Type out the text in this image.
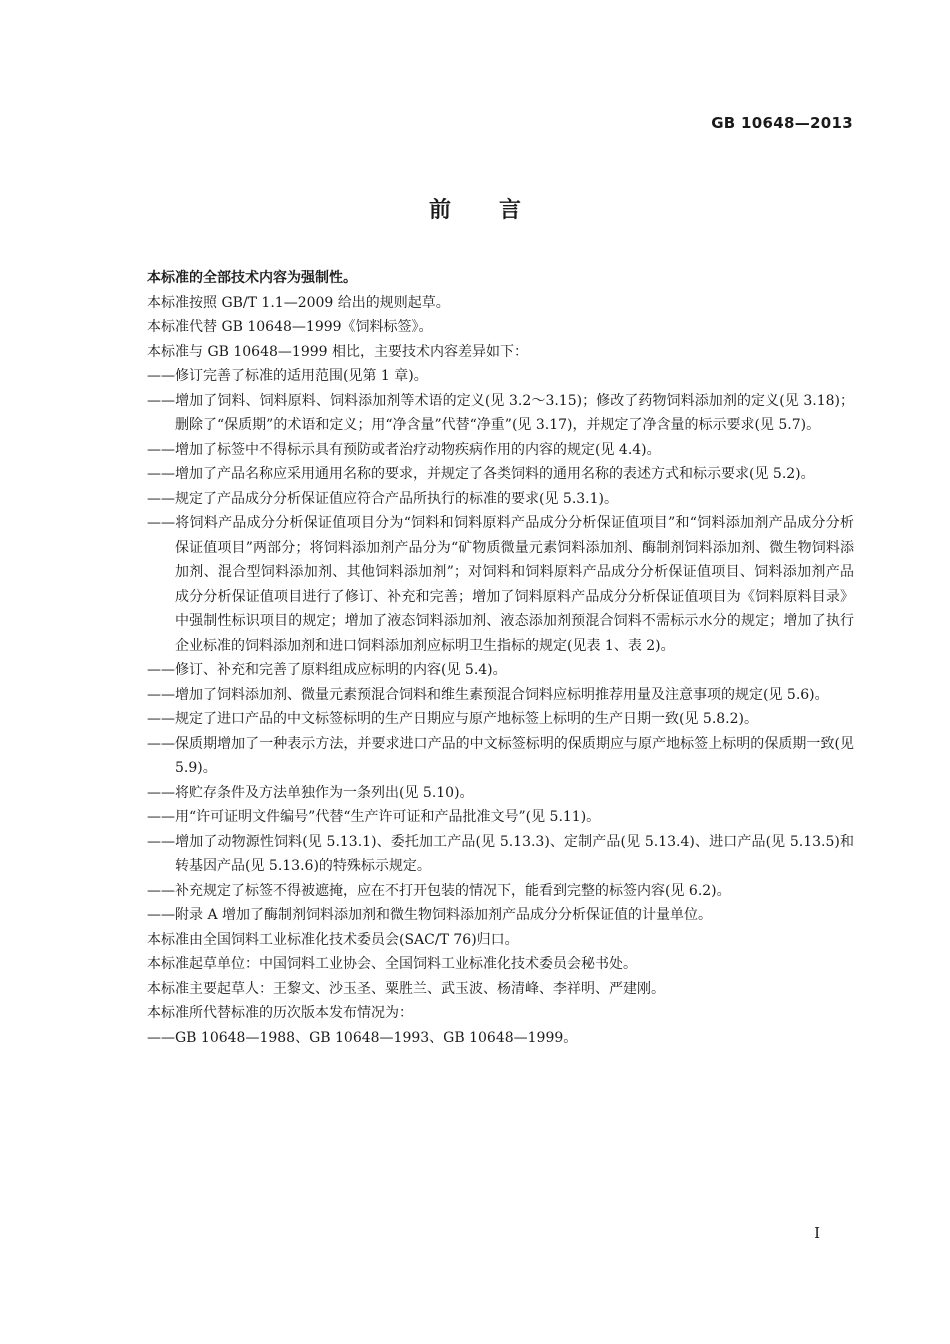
GB 10648—2013
前言

本标准的全部技术内容为强制性。

本标准按照 GB/T 1.1—2009 给出的规则起草。

本标准代替 GB 10648—1999《饲料标签》。

本标准与 GB 10648—1999 相比，主要技术内容差异如下：

——修订完善了标准的适用范围(见第 1 章)。

——增加了饲料、饲料原料、饲料添加剂等术语的定义(见 3.2～3.15)；修改了药物饲料添加剂的定义(见 3.18)；删除了“保质期”的术语和定义；用“净含量”代替“净重”(见 3.17)，并规定了净含量的标示要求(见 5.7)。

——增加了标签中不得标示具有预防或者治疗动物疾病作用的内容的规定(见 4.4)。

——增加了产品名称应采用通用名称的要求，并规定了各类饲料的通用名称的表述方式和标示要求(见 5.2)。

——规定了产品成分分析保证值应符合产品所执行的标准的要求(见 5.3.1)。

——将饲料产品成分分析保证值项目分为“饲料和饲料原料产品成分分析保证值项目”和“饲料添加剂产品成分分析保证值项目”两部分；将饲料添加剂产品分为“矿物质微量元素饲料添加剂、酶制剂饲料添加剂、微生物饲料添加剂、混合型饲料添加剂、其他饲料添加剂”；对饲料和饲料原料产品成分分析保证值项目、饲料添加剂产品成分分析保证值项目进行了修订、补充和完善；增加了饲料原料产品成分分析保证值项目为《饲料原料目录》中强制性标识项目的规定；增加了液态饲料添加剂、液态添加剂预混合饲料不需标示水分的规定；增加了执行企业标准的饲料添加剂和进口饲料添加剂应标明卫生指标的规定(见表 1、表 2)。

——修订、补充和完善了原料组成应标明的内容(见 5.4)。

——增加了饲料添加剂、微量元素预混合饲料和维生素预混合饲料应标明推荐用量及注意事项的规定(见 5.6)。

——规定了进口产品的中文标签标明的生产日期应与原产地标签上标明的生产日期一致(见 5.8.2)。

——保质期增加了一种表示方法，并要求进口产品的中文标签标明的保质期应与原产地标签上标明的保质期一致(见 5.9)。

——将贮存条件及方法单独作为一条列出(见 5.10)。

——用“许可证明文件编号”代替“生产许可证和产品批准文号”(见 5.11)。

——增加了动物源性饲料(见 5.13.1)、委托加工产品(见 5.13.3)、定制产品(见 5.13.4)、进口产品(见 5.13.5)和转基因产品(见 5.13.6)的特殊标示规定。

——补充规定了标签不得被遮掩，应在不打开包装的情况下，能看到完整的标签内容(见 6.2)。

——附录 A 增加了酶制剂饲料添加剂和微生物饲料添加剂产品成分分析保证值的计量单位。

本标准由全国饲料工业标准化技术委员会(SAC/T 76)归口。

本标准起草单位：中国饲料工业协会、全国饲料工业标准化技术委员会秘书处。

本标准主要起草人：王黎文、沙玉圣、粟胜兰、武玉波、杨清峰、李祥明、严建刚。

本标准所代替标准的历次版本发布情况为：

——GB 10648—1988、GB 10648—1993、GB 10648—1999。

I
